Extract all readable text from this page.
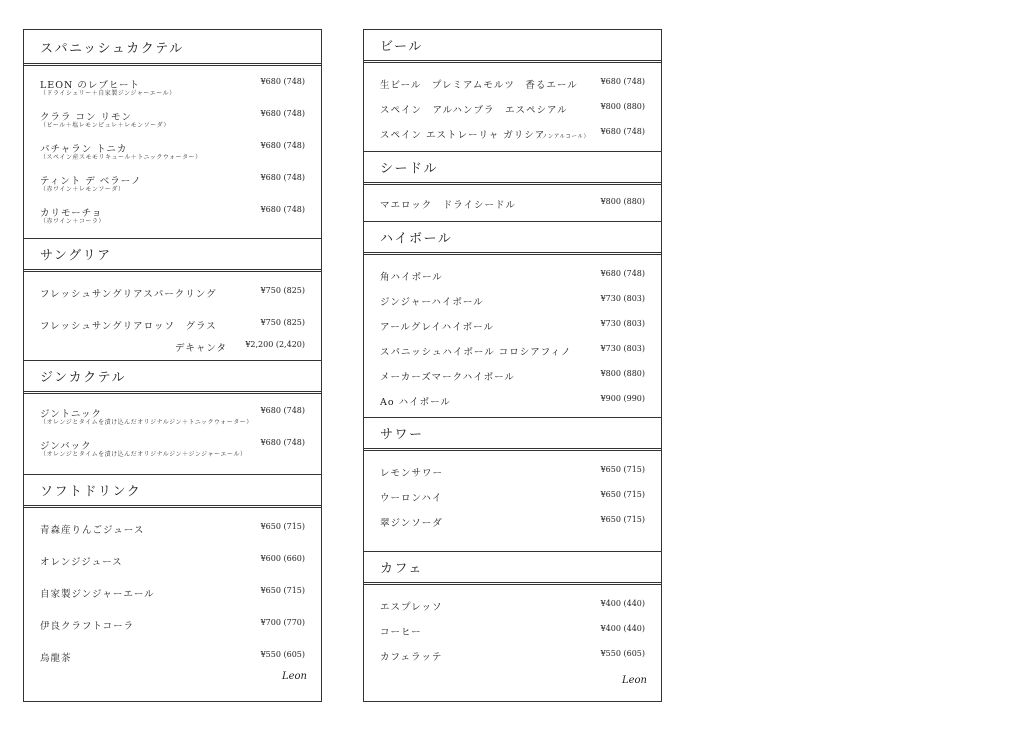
スパニッシュカクテル
LEON のレブヒート
（ドライシェリー＋自家製ジンジャーエール）
¥680 (748)
クララ コン リモン
（ビール＋塩レモンピュレ＋レモンソーダ）
¥680 (748)
パチャラン トニカ
（スペイン産スモモリキュール＋トニックウォーター）
¥680 (748)
ティント デ ベラーノ
（赤ワイン＋レモンソーダ）
¥680 (748)
カリモーチョ
（赤ワイン＋コーラ）
¥680 (748)
サングリア
フレッシュサングリアスパークリング	¥750 (825)
フレッシュサングリアロッソ　グラス	¥750 (825)
デキャンタ ¥2,200 (2,420)
ジンカクテル
ジントニック
（オレンジとタイムを漬け込んだオリジナルジン＋トニックウォーター）
¥680 (748)
ジンバック
（オレンジとタイムを漬け込んだオリジナルジン＋ジンジャーエール）
¥680 (748)
ソフトドリンク
青森産りんごジュース	¥650 (715)
オレンジジュース	¥600 (660)
自家製ジンジャーエール	¥650 (715)
伊良クラフトコーラ	¥700 (770)
烏龍茶	¥550 (605)
Leon
ビール
生ビール　プレミアムモルツ　香るエール	¥680 (748)
スペイン　アルハンブラ　エスペシアル	¥800 (880)
スペイン エストレーリャ ガリシア
（ノンアルコール）
¥680 (748)
シードル
マエロック　ドライシードル	¥800 (880)
ハイボール
角ハイボール	¥680 (748)
ジンジャーハイボール	¥730 (803)
アールグレイハイボール	¥730 (803)
スパニッシュハイボール コロシアフィノ	¥730 (803)
メーカーズマークハイボール	¥800 (880)
Ao ハイボール	¥900 (990)
サワー
レモンサワー	¥650 (715)
ウーロンハイ	¥650 (715)
翠ジンソーダ	¥650 (715)
カフェ
エスプレッソ	¥400 (440)
コーヒー	¥400 (440)
カフェラッテ	¥550 (605)
Leon
